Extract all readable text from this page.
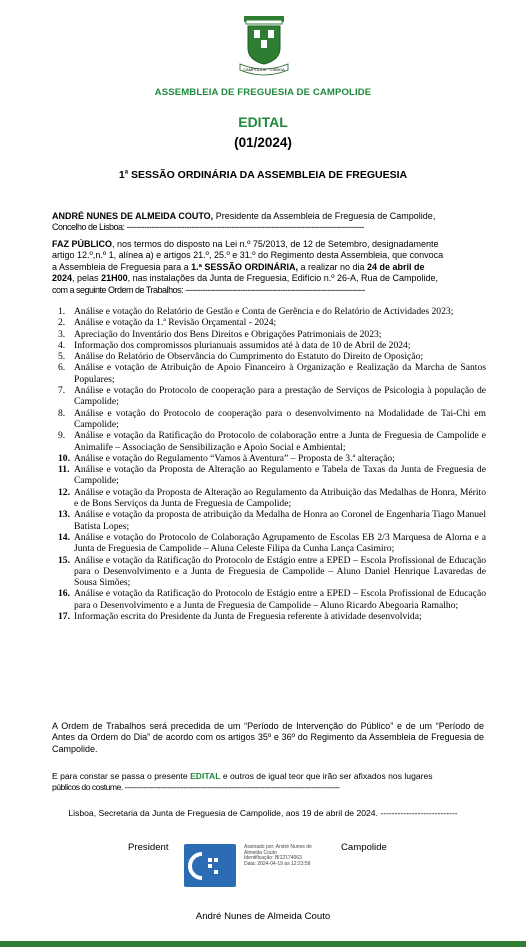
CAMPOLIDE · LISBOA
ASSEMBLEIA DE FREGUESIA DE CAMPOLIDE
EDITAL
(01/2024)
1$^a$ SESSÃO ORDINÁRIA DA ASSEMBLEIA DE FREGUESIA
ANDRÉ NUNES DE ALMEIDA COUTO, Presidente da Assembleia de Freguesia de Campolide,
Concelho de Lisboa: -----------------------------------------------------------------------------------------------
FAZ PÚBLICO, nos termos do disposto na Lei n.º 75/2013, de 12 de Setembro, designadamente
artigo 12.º,n.º 1, alínea a) e artigos 21.º, 25.º e 31.º do Regimento desta Assembleia, que convoca
a Assembleia de Freguesia para a 1.ª SESSÃO ORDINÁRIA, a realizar no dia 24 de abril de
2024, pelas 21H00, nas instalações da Junta de Freguesia, Edifício n.º 26-A, Rua de Campolide,
com a seguinte Ordem de Trabalhos: ------------------------------------------------------------------------
1. Análise e votação do Relatório de Gestão e Conta de Gerência e do Relatório de Actividades 2023;
2. Análise e votação da 1.ª Revisão Orçamental - 2024;
3. Apreciação do Inventário dos Bens Direitos e Obrigações Patrimoniais de 2023;
4. Informação dos compromissos plurianuais assumidos até à data de 10 de Abril de 2024;
5. Análise do Relatório de Observância do Cumprimento do Estatuto do Direito de Oposição;
6. Análise e votação de Atribuição de Apoio Financeiro à Organização e Realização da Marcha de Santos Populares;
7. Análise e votação do Protocolo de cooperação para a prestação de Serviços de Psicologia à população de Campolide;
8. Análise e votação do Protocolo de cooperação para o desenvolvimento na Modalidade de Tai-Chi em Campolide;
9. Análise e votação da Ratificação do Protocolo de colaboração entre a Junta de Freguesia de Campolide e Animalife – Associação de Sensibilização e Apoio Social e Ambiental;
10. Análise e votação do Regulamento “Vamos à Aventura” – Proposta de 3.ª alteração;
11. Análise e votação da Proposta de Alteração ao Regulamento e Tabela de Taxas da Junta de Freguesia de Campolide;
12. Análise e votação da Proposta de Alteração ao Regulamento da Atribuição das Medalhas de Honra, Mérito e de Bons Serviços da Junta de Freguesia de Campolide;
13. Análise e votação da proposta de atribuição da Medalha de Honra ao Coronel de Engenharia Tiago Manuel Batista Lopes;
14. Análise e votação do Protocolo de Colaboração Agrupamento de Escolas EB 2/3 Marquesa de Alorna e a Junta de Freguesia de Campolide – Aluna Celeste Filipa da Cunha Lança Casimiro;
15. Análise e votação da Ratificação do Protocolo de Estágio entre a EPED – Escola Profissional de Educação para o Desenvolvimento e a Junta de Freguesia de Campolide – Aluno Daniel Henrique Lavaredas de Sousa Simões;
16. Análise e votação da Ratificação do Protocolo de Estágio entre a EPED – Escola Profissional de Educação para o Desenvolvimento e a Junta de Freguesia de Campolide – Aluno Ricardo Abegoaria Ramalho;
17. Informação escrita do Presidente da Junta de Freguesia referente à atividade desenvolvida;
A Ordem de Trabalhos será precedida de um “Período de Intervenção do Público” e de um “Período de Antes da Ordem do Dia” de acordo com os artigos 35º e 36º do Regimento da Assembleia de Freguesia de Campolide.
E para constar se passa o presente EDITAL e outros de igual teor que irão ser afixados nos lugares
públicos do costume. -------------------------------------------------------------------------------------------
Lisboa, Secretaria da Junta de Freguesia de Campolide, aos 19 de abril de 2024. ---------------------------
President	Assinado por: André Nunes de
Almeida Couto
Identificação: BI12174063
Data: 2024-04-19 às 12:23:59
Campolide
André Nunes de Almeida Couto
